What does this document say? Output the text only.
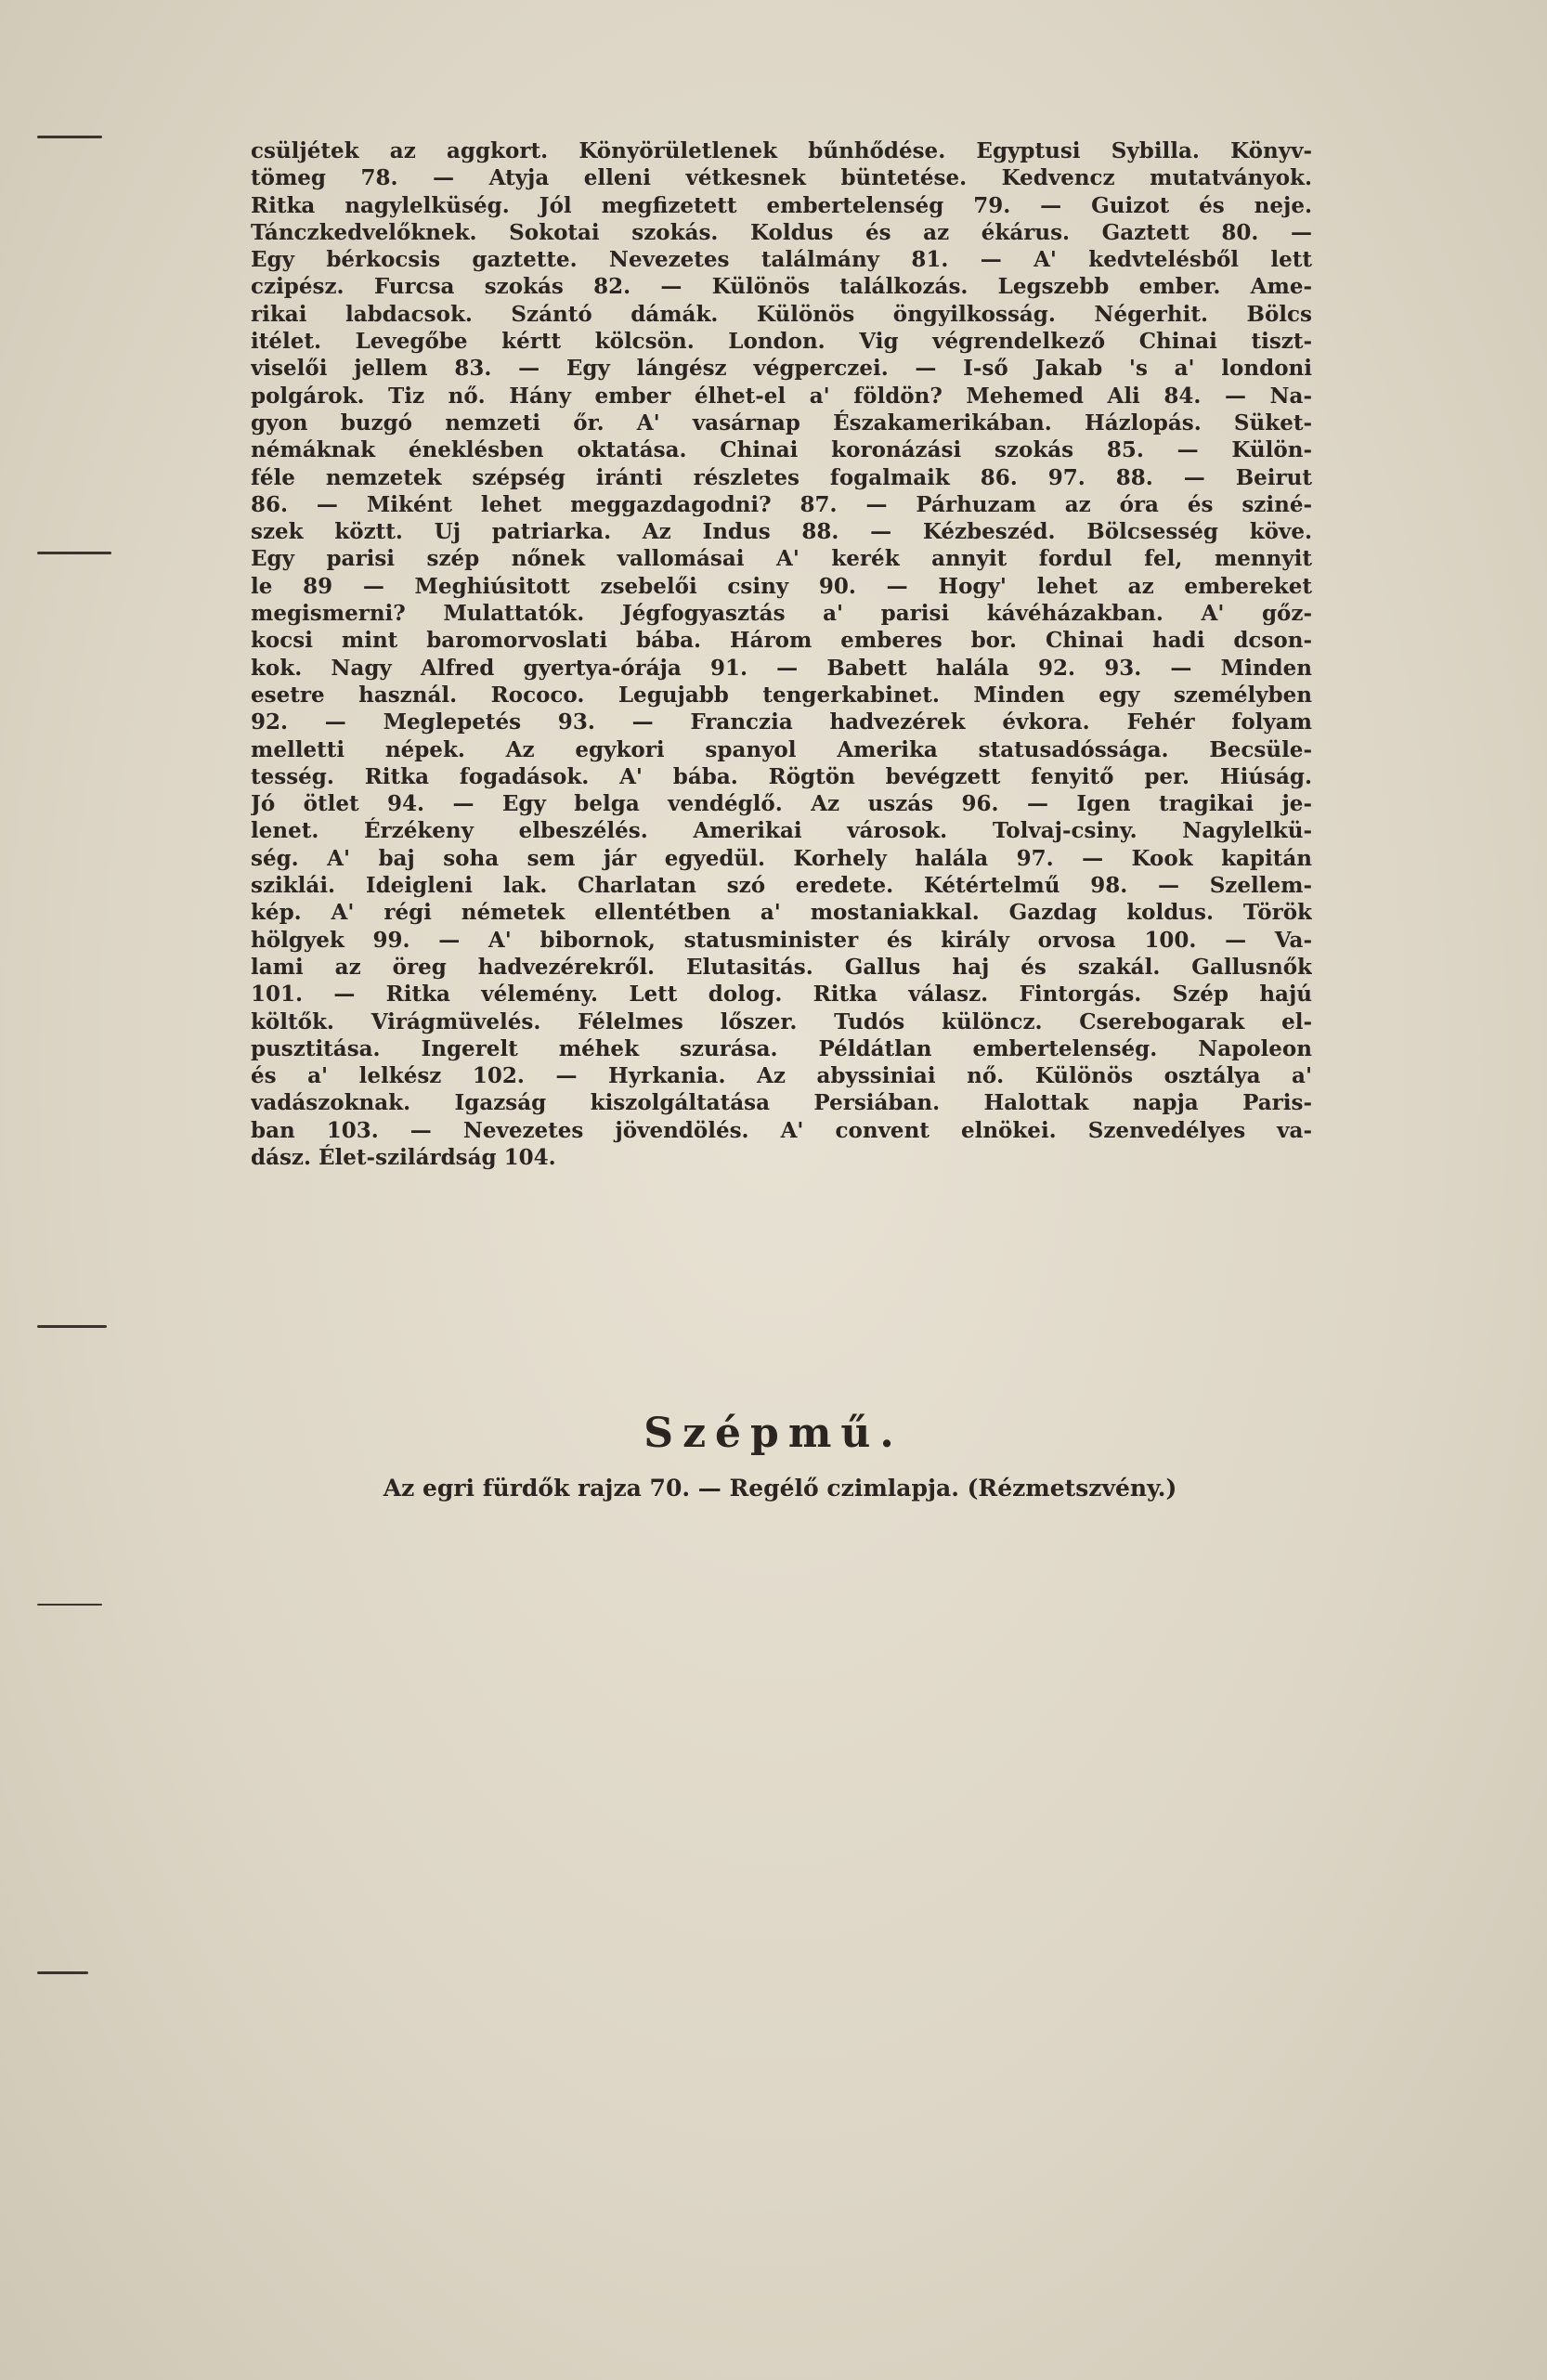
csüljétek az aggkort. Könyörületlenek bűnhődése. Egyptusi Sybilla. Könyv-
tömeg 78. — Atyja elleni vétkesnek büntetése. Kedvencz mutatványok.
Ritka nagylelküség. Jól megfizetett embertelenség 79. — Guizot és neje.
Tánczkedvelőknek. Sokotai szokás. Koldus és az ékárus. Gaztett 80. —
Egy bérkocsis gaztette. Nevezetes találmány 81. — A' kedvtelésből lett
czipész. Furcsa szokás 82. — Különös találkozás. Legszebb ember. Ame-
rikai labdacsok. Szántó dámák. Különös öngyilkosság. Négerhit. Bölcs
itélet. Levegőbe kértt kölcsön. London. Vig végrendelkező Chinai tiszt-
viselői jellem 83. — Egy lángész végperczei. — I-ső Jakab 's a' londoni
polgárok. Tiz nő. Hány ember élhet-el a' földön? Mehemed Ali 84. — Na-
gyon buzgó nemzeti őr. A' vasárnap Északamerikában. Házlopás. Süket-
némáknak éneklésben oktatása. Chinai koronázási szokás 85. — Külön-
féle nemzetek szépség iránti részletes fogalmaik 86. 97. 88. — Beirut
86. — Miként lehet meggazdagodni? 87. — Párhuzam az óra és sziné-
szek köztt. Uj patriarka. Az Indus 88. — Kézbeszéd. Bölcsesség köve.
Egy parisi szép nőnek vallomásai A' kerék annyit fordul fel, mennyit
le 89 — Meghiúsitott zsebelői csiny 90. — Hogy' lehet az embereket
megismerni? Mulattatók. Jégfogyasztás a' parisi kávéházakban. A' gőz-
kocsi mint baromorvoslati bába. Három emberes bor. Chinai hadi dcson-
kok. Nagy Alfred gyertya-órája 91. — Babett halála 92. 93. — Minden
esetre használ. Rococo. Legujabb tengerkabinet. Minden egy személyben
92. — Meglepetés 93. — Franczia hadvezérek évkora. Fehér folyam
melletti népek. Az egykori spanyol Amerika statusadóssága. Becsüle-
tesség. Ritka fogadások. A' bába. Rögtön bevégzett fenyitő per. Hiúság.
Jó ötlet 94. — Egy belga vendéglő. Az uszás 96. — Igen tragikai je-
lenet. Érzékeny elbeszélés. Amerikai városok. Tolvaj-csiny. Nagylelkü-
ség. A' baj soha sem jár egyedül. Korhely halála 97. — Kook kapitán
sziklái. Ideigleni lak. Charlatan szó eredete. Kétértelmű 98. — Szellem-
kép. A' régi németek ellentétben a' mostaniakkal. Gazdag koldus. Török
hölgyek 99. — A' bibornok, statusminister és király orvosa 100. — Va-
lami az öreg hadvezérekről. Elutasitás. Gallus haj és szakál. Gallusnők
101. — Ritka vélemény. Lett dolog. Ritka válasz. Fintorgás. Szép hajú
költők. Virágmüvelés. Félelmes lőszer. Tudós különcz. Cserebogarak el-
pusztitása. Ingerelt méhek szurása. Példátlan embertelenség. Napoleon
és a' lelkész 102. — Hyrkania. Az abyssiniai nő. Különös osztálya a'
vadászoknak. Igazság kiszolgáltatása Persiában. Halottak napja Paris-
ban 103. — Nevezetes jövendölés. A' convent elnökei. Szenvedélyes va-
dász. Élet-szilárdság 104.
Szépmű.

Az egri fürdők rajza 70. — Regélő czimlapja. (Rézmetszvény.)
